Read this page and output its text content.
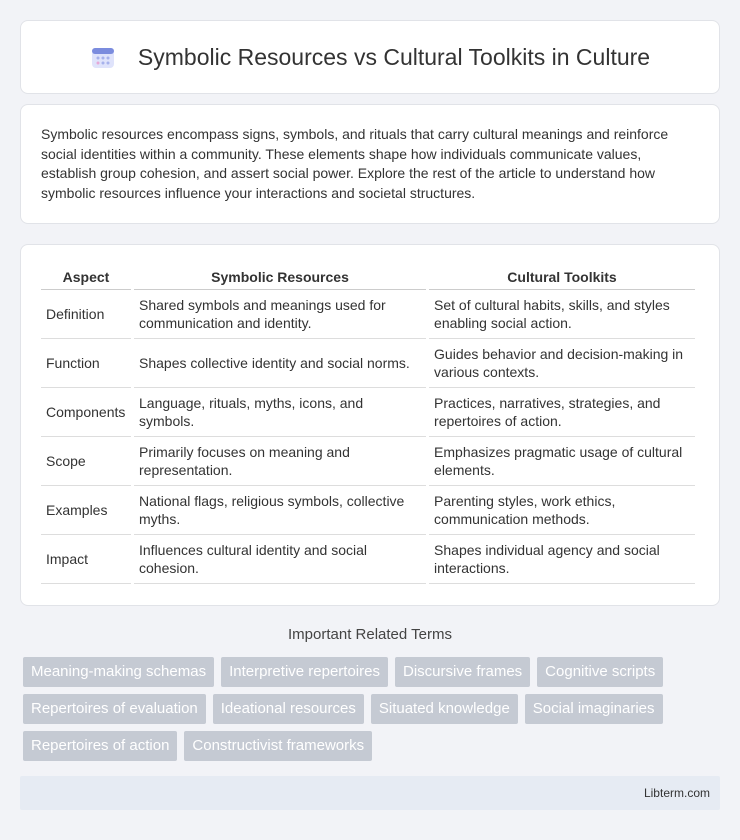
Symbolic Resources vs Cultural Toolkits in Culture

Symbolic resources encompass signs, symbols, and rituals that carry cultural meanings and reinforce social identities within a community. These elements shape how individuals communicate values, establish group cohesion, and assert social power. Explore the rest of the article to understand how symbolic resources influence your interactions and societal structures.

Aspect	Symbolic Resources	Cultural Toolkits
Definition	Shared symbols and meanings used for communication and identity.	Set of cultural habits, skills, and styles enabling social action.
Function	Shapes collective identity and social norms.	Guides behavior and decision-making in various contexts.
Components	Language, rituals, myths, icons, and symbols.	Practices, narratives, strategies, and repertoires of action.
Scope	Primarily focuses on meaning and representation.	Emphasizes pragmatic usage of cultural elements.
Examples	National flags, religious symbols, collective myths.	Parenting styles, work ethics, communication methods.
Impact	Influences cultural identity and social cohesion.	Shapes individual agency and social interactions.
Important Related Terms
Meaning-making schemas	Interpretive repertoires	Discursive frames	Cognitive scripts
Repertoires of evaluation	Ideational resources	Situated knowledge	Social imaginaries
Repertoires of action	Constructivist frameworks
Libterm.com
